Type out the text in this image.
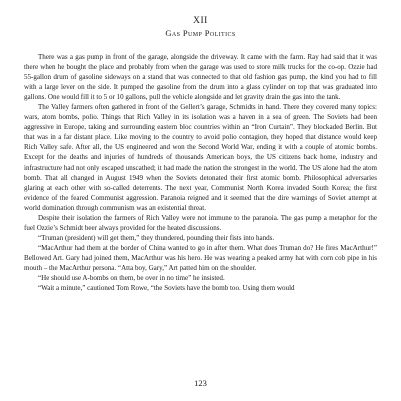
XII
Gas Pump Politics

There was a gas pump in front of the garage, alongside the driveway. It came with the farm. Ray had said that it was there when he bought the place and probably from when the garage was used to store milk trucks for the co-op. Ozzie had 55-gallon drum of gasoline sideways on a stand that was connected to that old fashion gas pump, the kind you had to fill with a large lever on the side. It pumped the gasoline from the drum into a glass cylinder on top that was graduated into gallons. One would fill it to 5 or 10 gallons, pull the vehicle alongside and let gravity drain the gas into the tank.

The Valley farmers often gathered in front of the Gellert’s garage, Schmidts in hand. There they covered many topics: wars, atom bombs, polio. Things that Rich Valley in its isolation was a haven in a sea of green. The Soviets had been aggressive in Europe, taking and surrounding eastern bloc countries within an “Iron Curtain”. They blockaded Berlin. But that was in a far distant place. Like moving to the country to avoid polio contagion, they hoped that distance would keep Rich Valley safe. After all, the US engineered and won the Second World War, ending it with a couple of atomic bombs. Except for the deaths and injuries of hundreds of thousands American boys, the US citizens back home, industry and infrastructure had not only escaped unscathed; it had made the nation the strongest in the world. The US alone had the atom bomb. That all changed in August 1949 when the Soviets detonated their first atomic bomb. Philosophical adversaries glaring at each other with so-called deterrents. The next year, Communist North Korea invaded South Korea; the first evidence of the feared Communist aggression. Paranoia reigned and it seemed that the dire warnings of Soviet attempt at world domination through communism was an existential threat.

Despite their isolation the farmers of Rich Valley were not immune to the paranoia. The gas pump a metaphor for the fuel Ozzie’s Schmidt beer always provided for the heated discussions.

“Truman (president) will get them,” they thundered, pounding their fists into hands.

“MacArthur had them at the border of China wanted to go in after them. What does Truman do? He fires MacArthur!” Bellowed Art. Gary had joined them, MacArthur was his hero. He was wearing a peaked army hat with corn cob pipe in his mouth – the MacArthur persona. “Atta boy, Gary,” Art patted him on the shoulder.

“He should use A-bombs on them, be over in no time” he insisted.

“Wait a minute,” cautioned Tom Rowe, “the Soviets have the bomb too. Using them would

123
